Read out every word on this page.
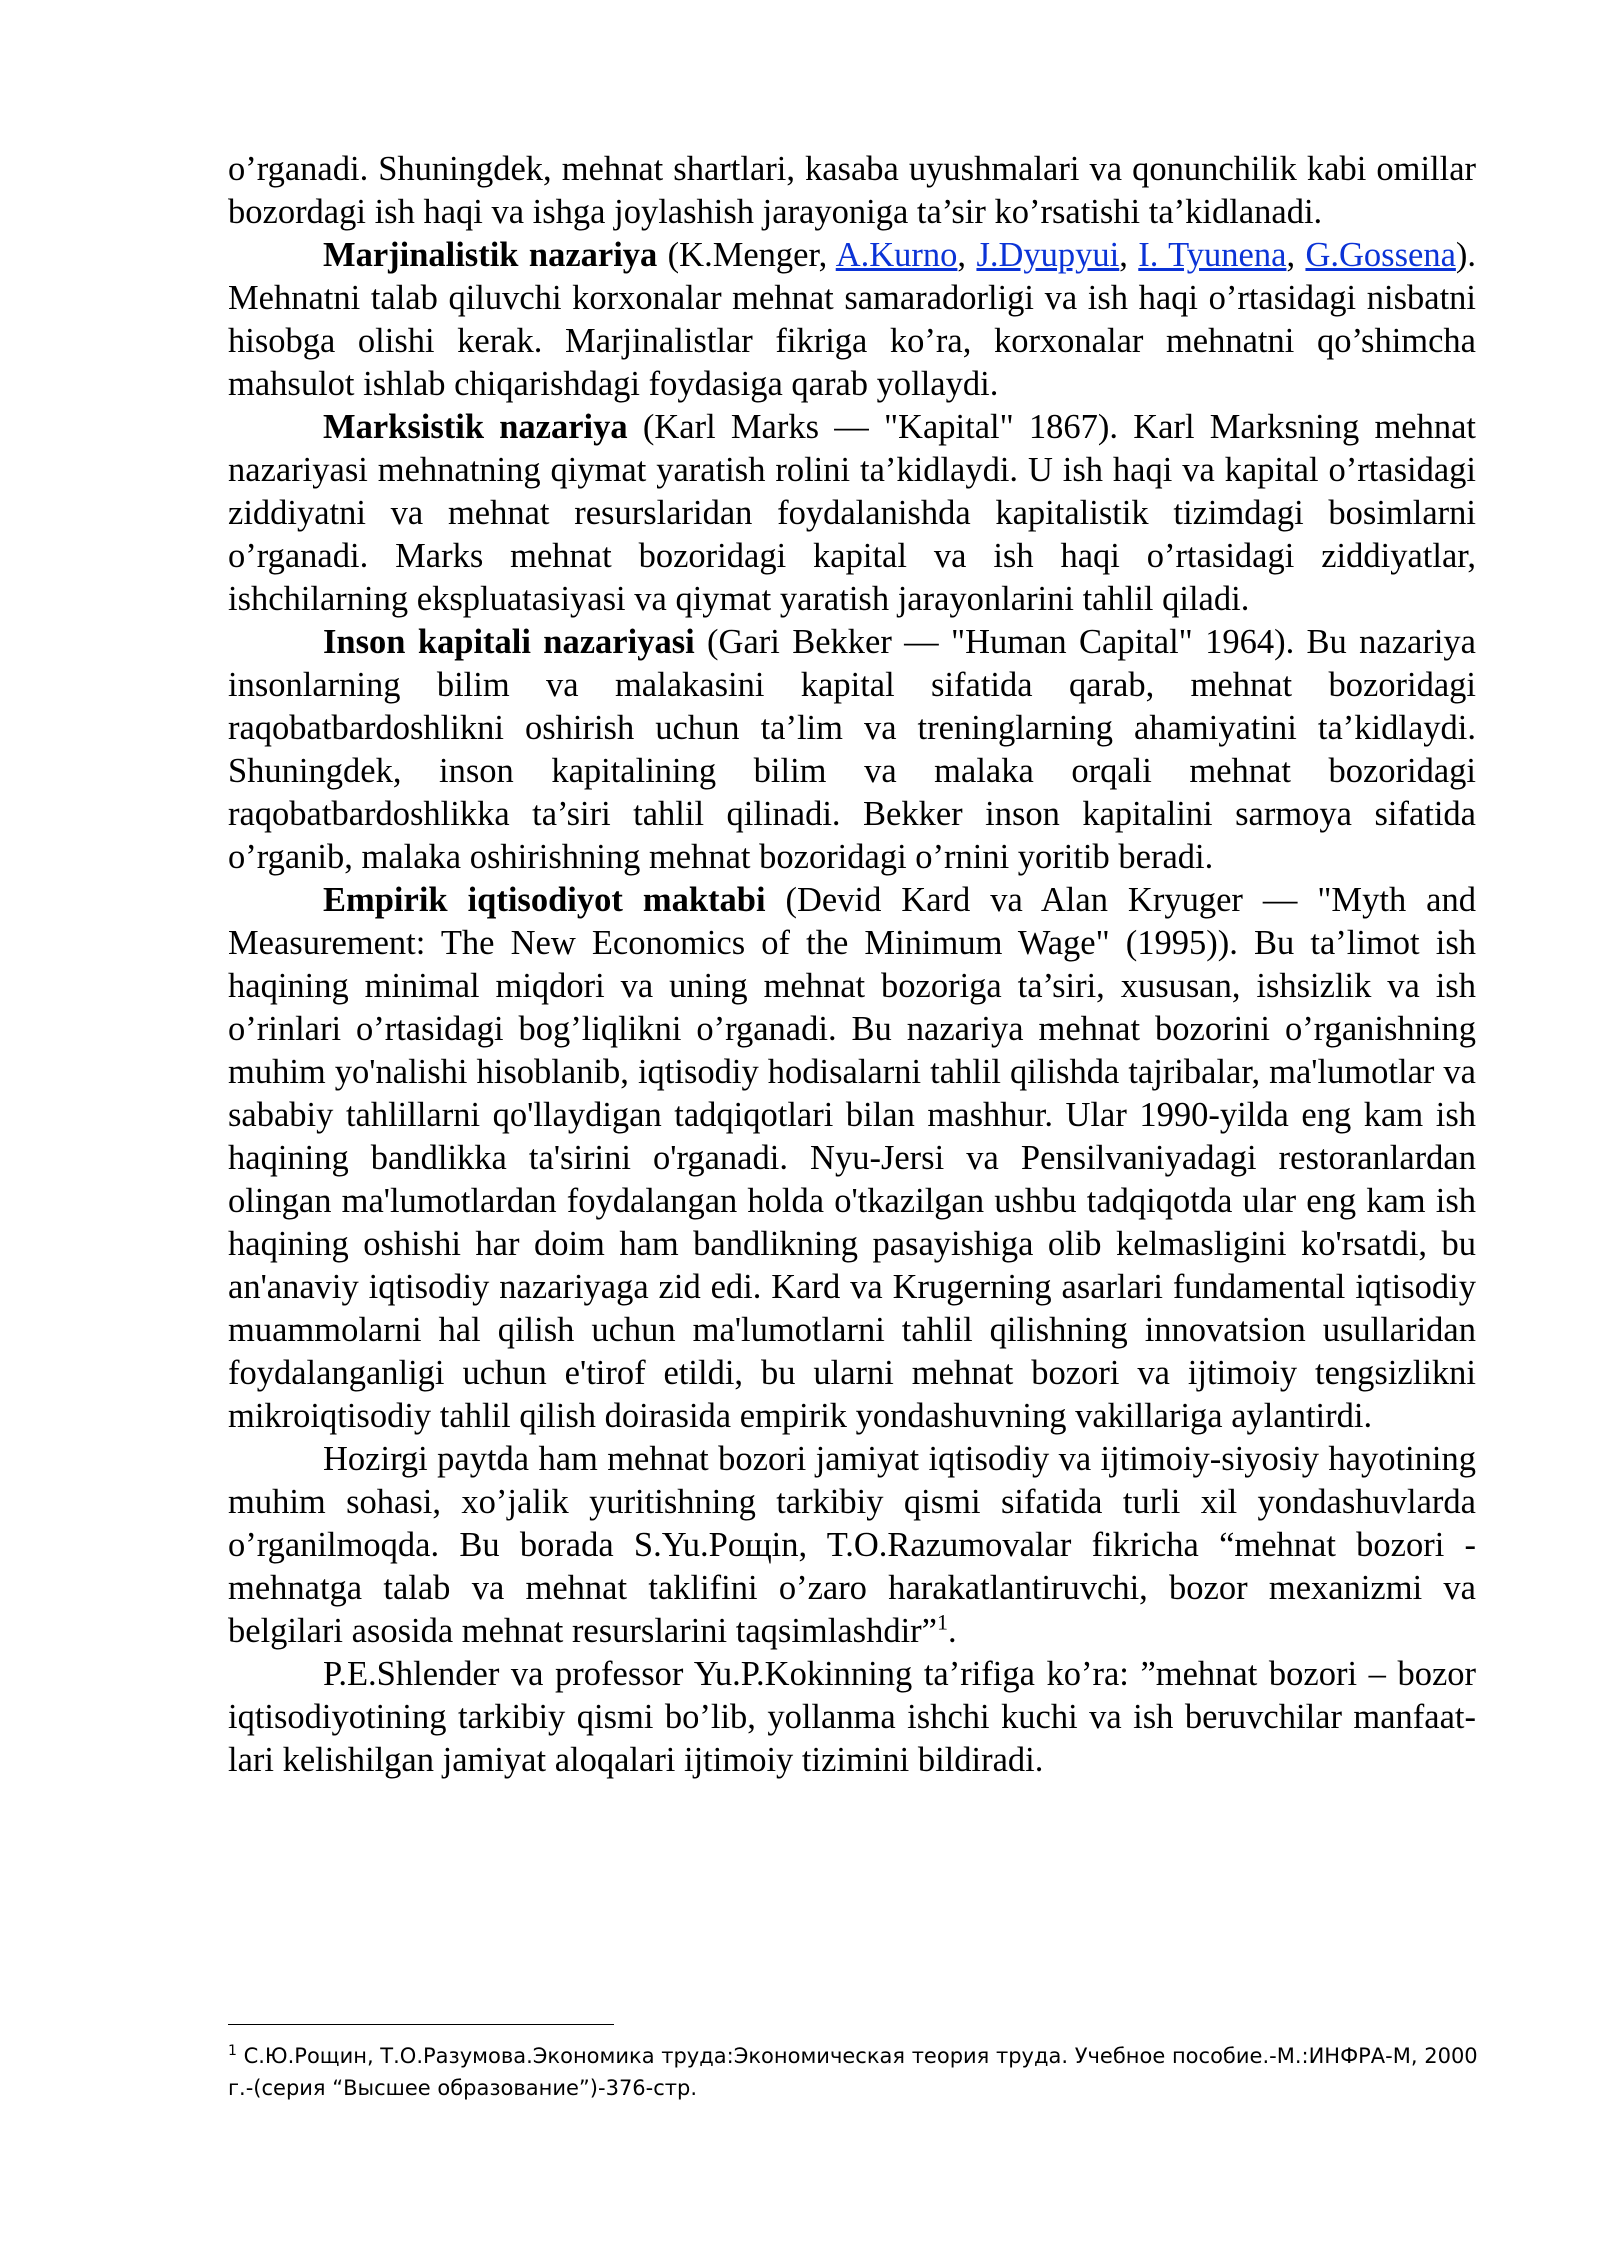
o’rganadi. Shuningdek, mehnat shartlari, kasaba uyushmalari va qonunchilik kabi omillar bozordagi ish haqi va ishga joylashish jarayoniga ta’sir ko’rsatishi ta’kidlanadi.

Marjinalistik nazariya (K.Menger, A.Kurno, J.Dyupyui, I. Tyunena, G.Gossena). Mehnatni talab qiluvchi korxonalar mehnat samaradorligi va ish haqi o’rtasidagi nisbatni hisobga olishi kerak. Marjinalistlar fikriga ko’ra, korxonalar mehnatni qo’shimcha mahsulot ishlab chiqarishdagi foydasiga qarab yollaydi.

Marksistik nazariya (Karl Marks — "Kapital" 1867). Karl Marksning mehnat nazariyasi mehnatning qiymat yaratish rolini ta’kidlaydi. U ish haqi va kapital o’rtasidagi ziddiyatni va mehnat resurslaridan foydalanishda kapitalistik tizimdagi bosimlarni o’rganadi. Marks mehnat bozoridagi kapital va ish haqi o’rtasidagi ziddiyatlar, ishchilarning ekspluatasiyasi va qiymat yaratish jarayonlarini tahlil qiladi.

Inson kapitali nazariyasi (Gari Bekker — "Human Capital" 1964). Bu nazariya insonlarning bilim va malakasini kapital sifatida qarab, mehnat bozoridagi raqobatbardoshlikni oshirish uchun ta’lim va treninglarning ahamiyatini ta’kidlaydi. Shuningdek, inson kapitalining bilim va malaka orqali mehnat bozoridagi raqobatbardoshlikka ta’siri tahlil qilinadi. Bekker inson kapitalini sarmoya sifatida o’rganib, malaka oshirishning mehnat bozoridagi o’rnini yoritib beradi.

Empirik iqtisodiyot maktabi (Devid Kard va Alan Kryuger — "Myth and Measurement: The New Economics of the Minimum Wage" (1995)). Bu ta’limot ish haqining minimal miqdori va uning mehnat bozoriga ta’siri, xususan, ishsizlik va ish o’rinlari o’rtasidagi bog’liqlikni o’rganadi. Bu nazariya mehnat bozorini o’rganishning muhim yo'nalishi hisoblanib, iqtisodiy hodisalarni tahlil qilishda tajribalar, ma'lumotlar va sababiy tahlillarni qo'llaydigan tadqiqotlari bilan mashhur. Ular 1990-yilda eng kam ish haqining bandlikka ta'sirini o'rganadi. Nyu-Jersi va Pensilvaniyadagi restoranlardan olingan ma'lumotlardan foydalangan holda o'tkazilgan ushbu tadqiqotda ular eng kam ish haqining oshishi har doim ham bandlikning pasayishiga olib kelmasligini ko'rsatdi, bu an'anaviy iqtisodiy nazariyaga zid edi. Kard va Krugerning asarlari fundamental iqtisodiy muammolarni hal qilish uchun ma'lumotlarni tahlil qilishning innovatsion usullaridan foydalanganligi uchun e'tirof etildi, bu ularni mehnat bozori va ijtimoiy tengsizlikni mikroiqtisodiy tahlil qilish doirasida empirik yondashuvning vakillariga aylantirdi.

Hozirgi paytda ham mehnat bozori jamiyat iqtisodiy va ijtimoiy-siyosiy hayotining muhim sohasi, xo’jalik yuritishning tarkibiy qismi sifatida turli xil yondashuvlarda o’rganilmoqda. Bu borada S.Yu.Poщin, T.O.Razumovalar fikricha “mehnat bozori - mehnatga talab va mehnat taklifini o’zaro harakatlantiruvchi, bozor mexanizmi va belgilari asosida mehnat resurslarini taqsimlashdir”$^1$.

P.E.Shlender va professor Yu.P.Kokinning ta’rifiga ko’ra: ”mehnat bozori – bozor iqtisodiyotining tarkibiy qismi bo’lib, yollanma ishchi kuchi va ish beruvchilar manfaat- lari kelishilgan jamiyat aloqalari ijtimoiy tizimini bildiradi.

$^1$ С.Ю.Рощин, Т.О.Разумова.Экономика труда:Экономическая теория труда. Учебное пособие.-М.:ИНФРА-М, 2000 г.-(серия “Высшее образование”)-376-стр.
